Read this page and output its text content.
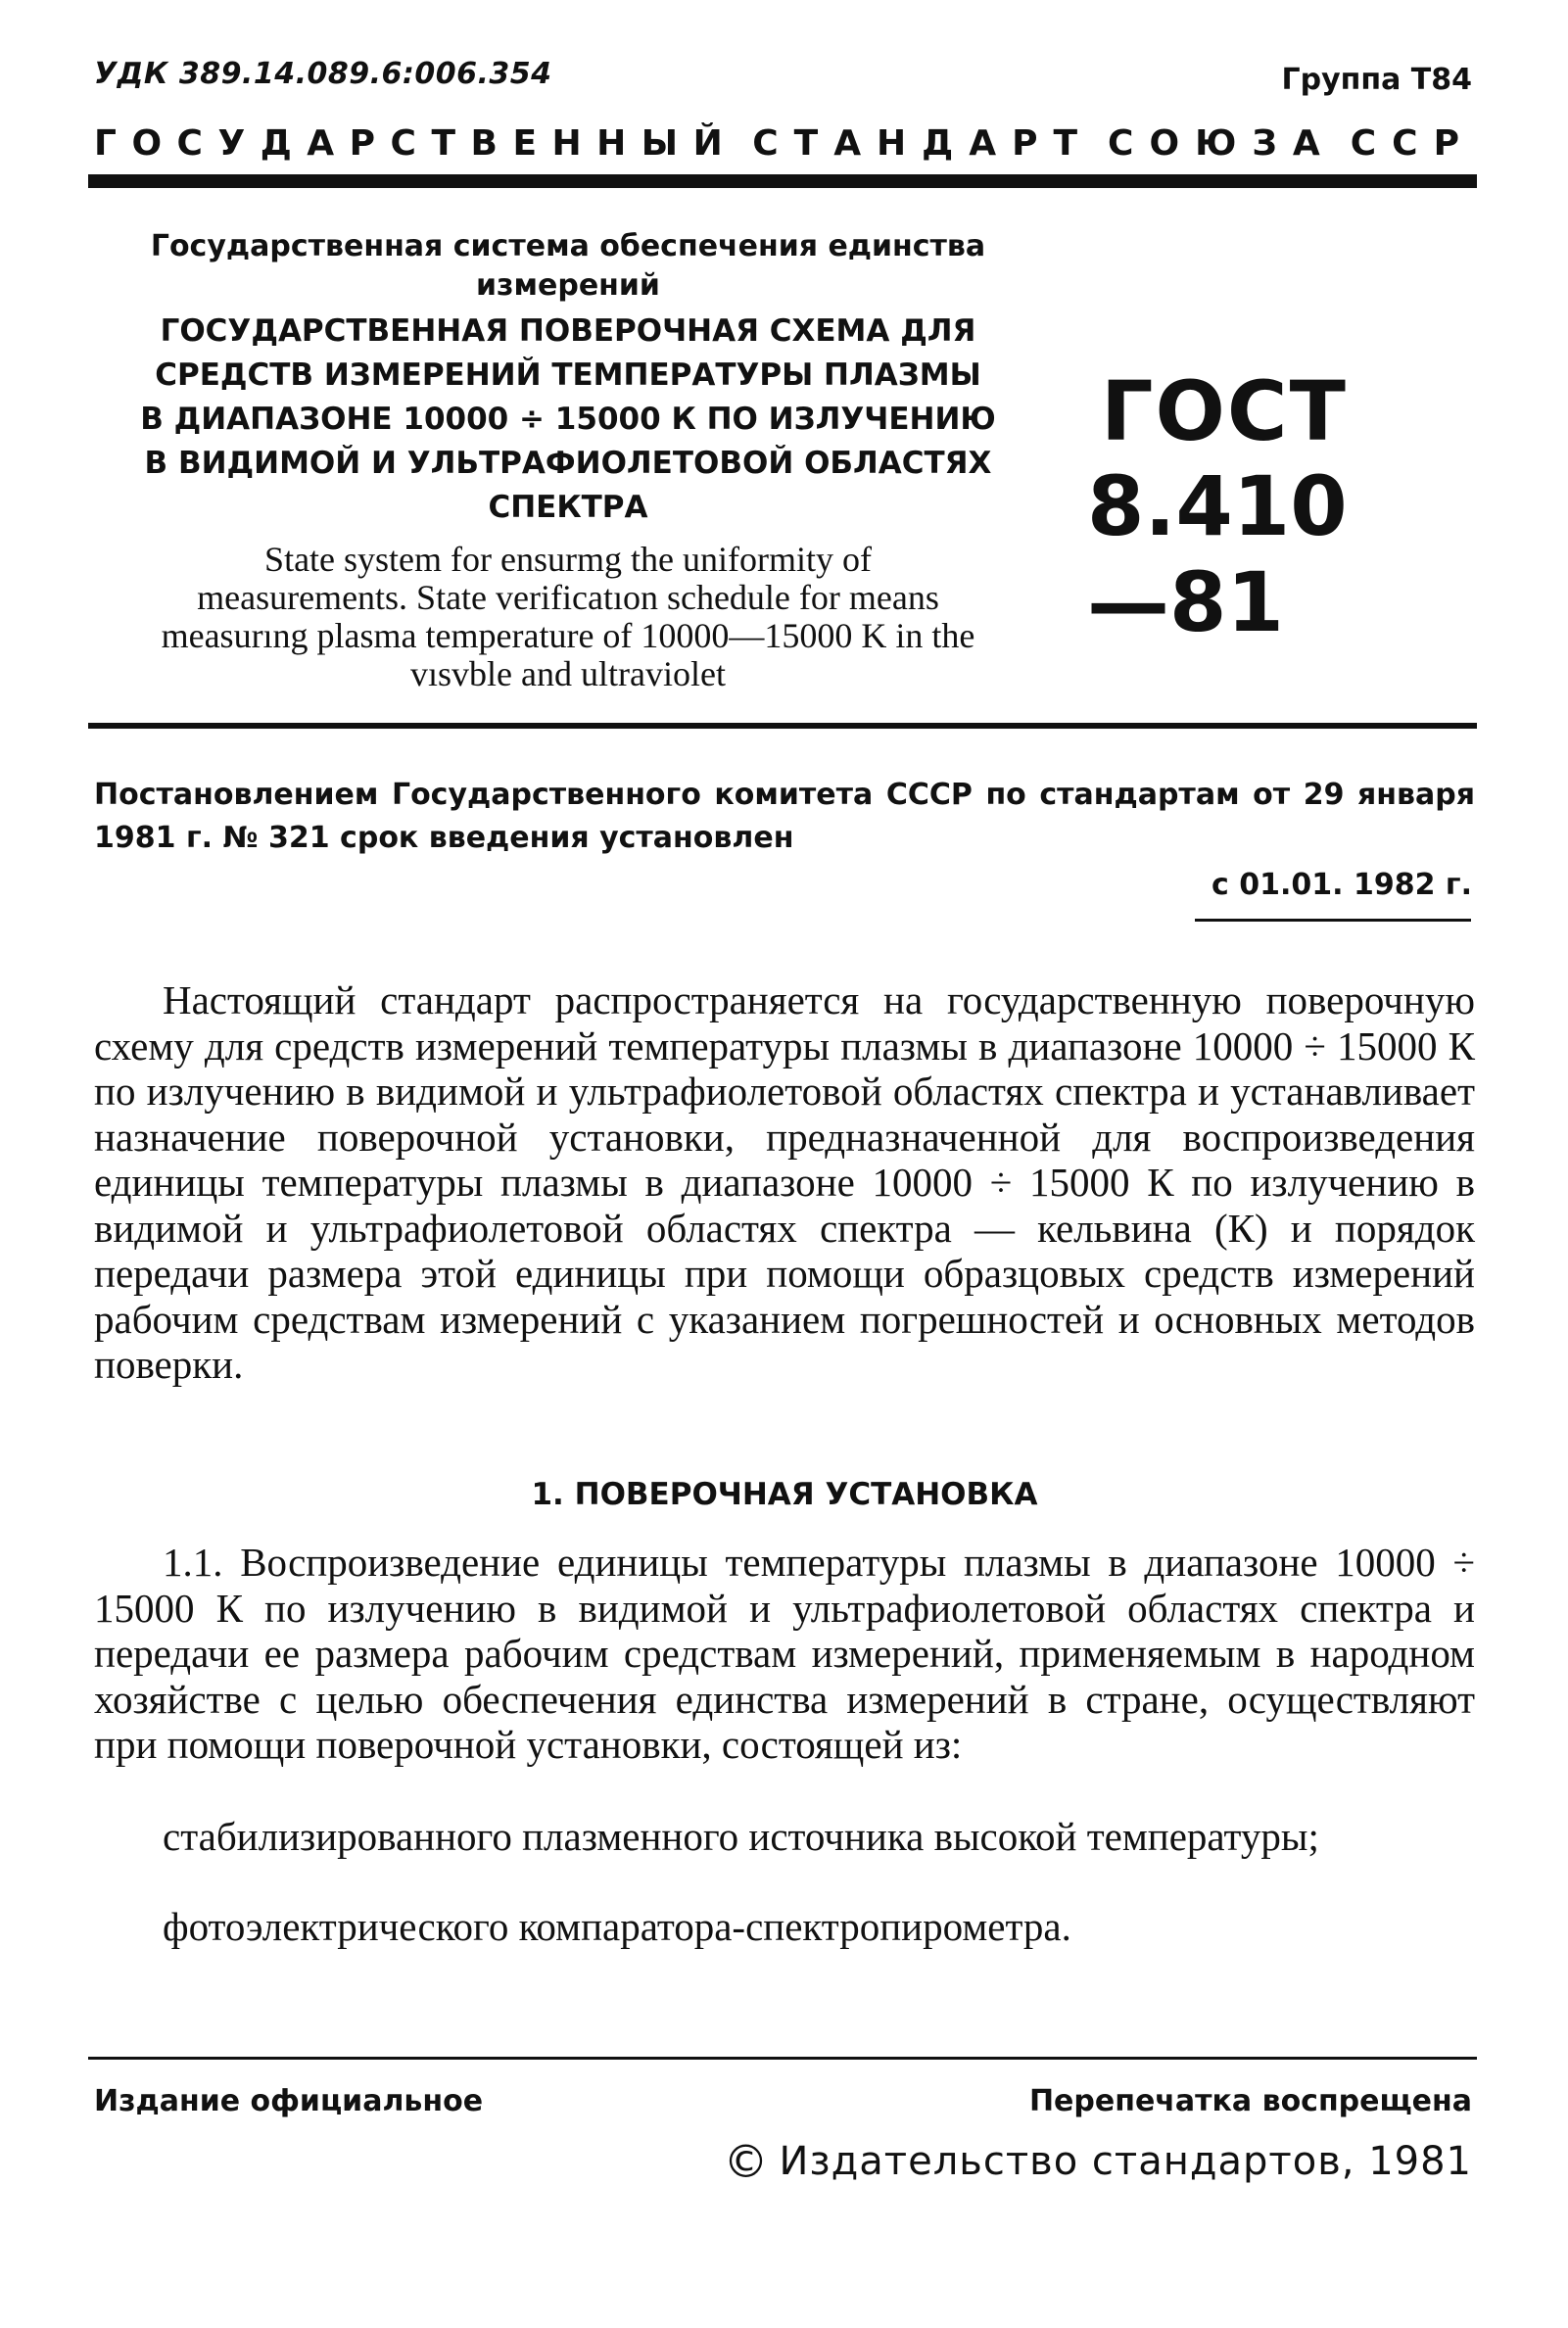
УДК 389.14.089.6:006.354	Группа Т84
ГОСУДАРСТВЕННЫЙ СТАНДАРТ СОЮЗА ССР
Государственная система обеспечения единства измерений
ГОСУДАРСТВЕННАЯ ПОВЕРОЧНАЯ СХЕМА ДЛЯ
СРЕДСТВ ИЗМЕРЕНИЙ ТЕМПЕРАТУРЫ ПЛАЗМЫ
В ДИАПАЗОНЕ 10000 ÷ 15000 К ПО ИЗЛУЧЕНИЮ
В ВИДИМОЙ И УЛЬТРАФИОЛЕТОВОЙ ОБЛАСТЯХ
СПЕКТРА
State system for ensurmg the uniformity of
measurements. State verificatıon schedule for means
measurıng plasma temperature of 10000—15000 K in the
vısvble and ultraviolet
ГОСТ
8.410—81
Постановлением Государственного комитета СССР по стандартам от 29 января 1981 г. № 321 срок введения установлен
с 01.01. 1982 г.
Настоящий стандарт распространяется на государственную поверочную схему для средств измерений температуры плазмы в диапазоне 10000 ÷ 15000 К по излучению в видимой и ультрафиолетовой областях спектра и устанавливает назначение поверочной установки, предназначенной для воспроизведения единицы температуры плазмы в диапазоне 10000 ÷ 15000 К по излучению в видимой и ультрафиолетовой областях спектра — кельвина (К) и порядок передачи размера этой единицы при помощи образцовых средств измерений рабочим средствам измерений с указанием погрешностей и основных методов поверки.
1. ПОВЕРОЧНАЯ УСТАНОВКА
1.1. Воспроизведение единицы температуры плазмы в диапазоне 10000 ÷ 15000 К по излучению в видимой и ультрафиолетовой областях спектра и передачи ее размера рабочим средствам измерений, применяемым в народном хозяйстве с целью обеспечения единства измерений в стране, осуществляют при помощи поверочной установки, состоящей из:
стабилизированного плазменного источника высокой температуры;
фотоэлектрического компаратора-спектропирометра.
Издание официальное	Перепечатка воспрещена
© Издательство стандартов, 1981
